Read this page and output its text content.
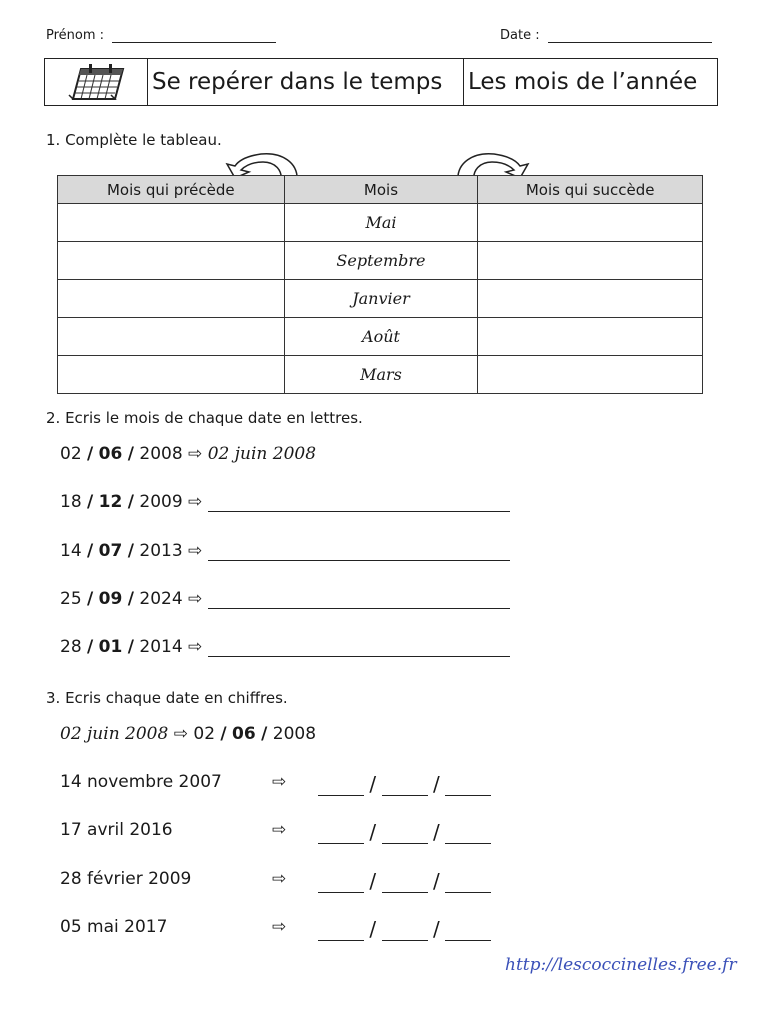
Prénom :	Date :
Se repérer dans le temps	Les mois de l’année
1. Complète le tableau.
Mois qui précède	Mois	Mois qui succède
	Mai	
	Septembre	
	Janvier	
	Août	
	Mars	
2. Ecris le mois de chaque date en lettres.
02 / 06 / 2008 ⇨ 02 juin 2008
18 / 12 / 2009 ⇨
14 / 07 / 2013 ⇨
25 / 09 / 2024 ⇨
28 / 01 / 2014 ⇨
3. Ecris chaque date en chiffres.
02 juin 2008 ⇨ 02 / 06 / 2008
14 novembre 2007	⇨	/	/
17 avril 2016	⇨	/	/
28 février 2009	⇨	/	/
05 mai 2017	⇨	/	/
http://lescoccinelles.free.fr
